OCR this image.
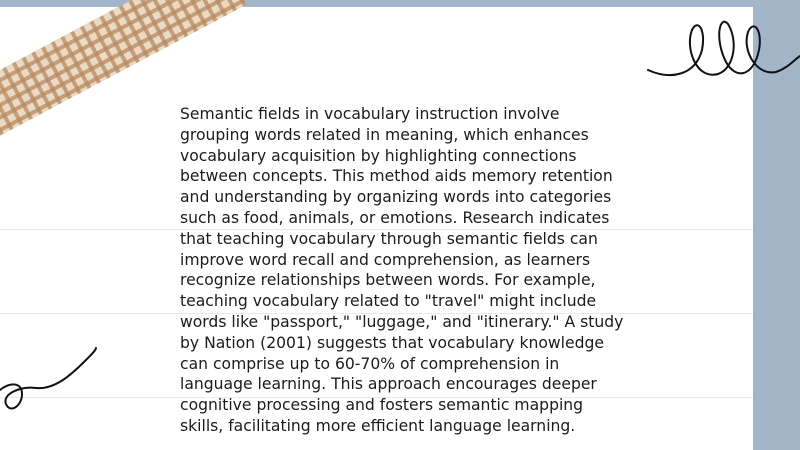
Semantic fields in vocabulary instruction involve grouping words related in meaning, which enhances vocabulary acquisition by highlighting connections between concepts. This method aids memory retention and understanding by organizing words into categories such as food, animals, or emotions. Research indicates that teaching vocabulary through semantic fields can improve word recall and comprehension, as learners recognize relationships between words. For example, teaching vocabulary related to "travel" might include words like "passport," "luggage," and "itinerary." A study by Nation (2001) suggests that vocabulary knowledge can comprise up to 60-70% of comprehension in language learning. This approach encourages deeper cognitive processing and fosters semantic mapping skills, facilitating more efficient language learning.
